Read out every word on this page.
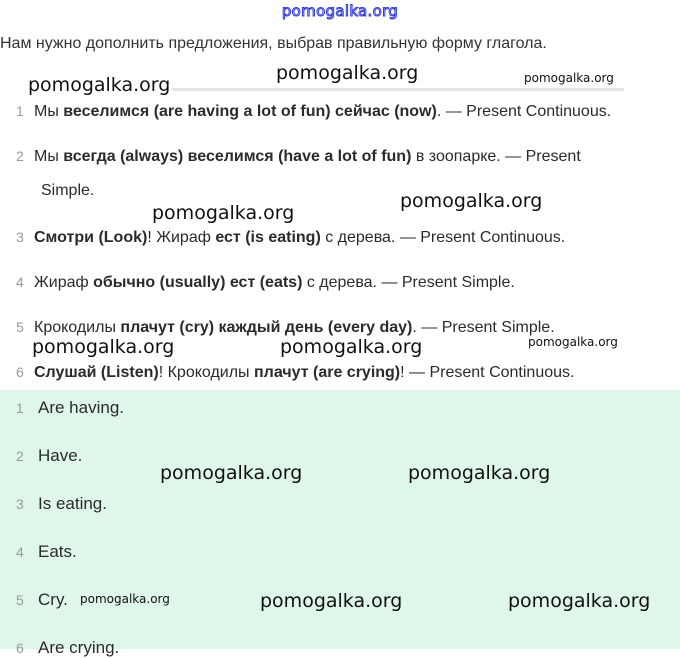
pomogalka.org
Нам нужно дополнить предложения, выбрав правильную форму глагола.
1 Мы веселимся (are having a lot of fun) сейчас (now). — Present Continuous.
2 Мы всегда (always) веселимся (have a lot of fun) в зоопарке. — Present
Simple.
3 Смотри (Look)! Жираф ест (is eating) с дерева. — Present Continuous.
4 Жираф обычно (usually) ест (eats) с дерева. — Present Simple.
5 Крокодилы плачут (cry) каждый день (every day). — Present Simple.
6 Слушай (Listen)! Крокодилы плачут (are crying)! — Present Continuous.
1 Are having.
2 Have.
3 Is eating.
4 Eats.
5 Cry.
6 Are crying.
pomogalka.org
pomogalka.org	pomogalka.org
pomogalka.org
pomogalka.org
pomogalka.org	pomogalka.org	pomogalka.org
pomogalka.org	pomogalka.org
pomogalka.org	pomogalka.org	pomogalka.org
